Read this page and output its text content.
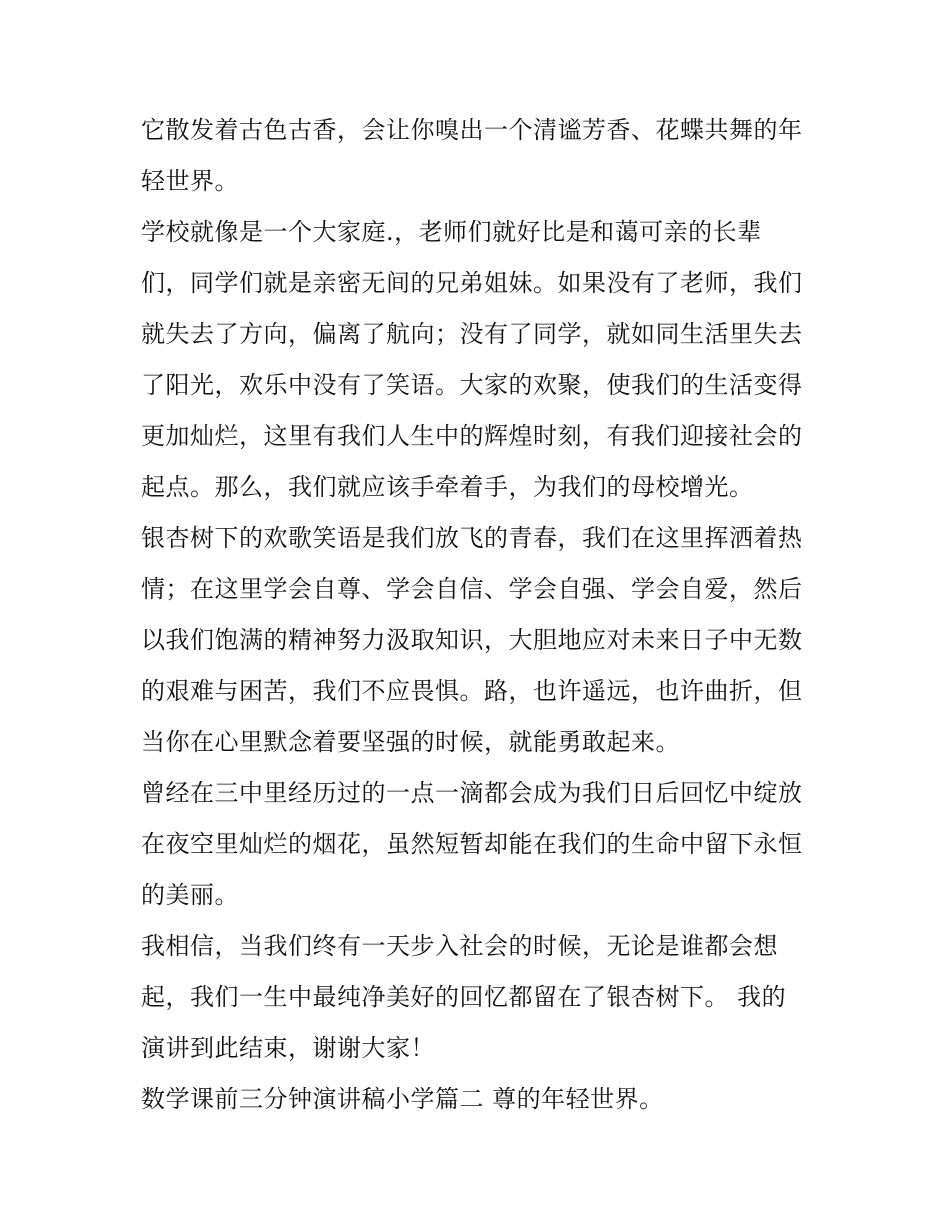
它散发着古色古香，会让你嗅出一个清谧芳香、花蝶共舞的年
轻世界。
学校就像是一个大家庭.，老师们就好比是和蔼可亲的长辈
们，同学们就是亲密无间的兄弟姐妹。如果没有了老师，我们
就失去了方向，偏离了航向；没有了同学，就如同生活里失去
了阳光，欢乐中没有了笑语。大家的欢聚，使我们的生活变得
更加灿烂，这里有我们人生中的辉煌时刻，有我们迎接社会的
起点。那么，我们就应该手牵着手，为我们的母校增光。
银杏树下的欢歌笑语是我们放飞的青春，我们在这里挥洒着热
情；在这里学会自尊、学会自信、学会自强、学会自爱，然后
以我们饱满的精神努力汲取知识，大胆地应对未来日子中无数
的艰难与困苦，我们不应畏惧。路，也许遥远，也许曲折，但
当你在心里默念着要坚强的时候，就能勇敢起来。
曾经在三中里经历过的一点一滴都会成为我们日后回忆中绽放
在夜空里灿烂的烟花，虽然短暂却能在我们的生命中留下永恒
的美丽。
我相信，当我们终有一天步入社会的时候，无论是谁都会想
起，我们一生中最纯净美好的回忆都留在了银杏树下。 我的
演讲到此结束，谢谢大家！
数学课前三分钟演讲稿小学篇二 尊的年轻世界。
